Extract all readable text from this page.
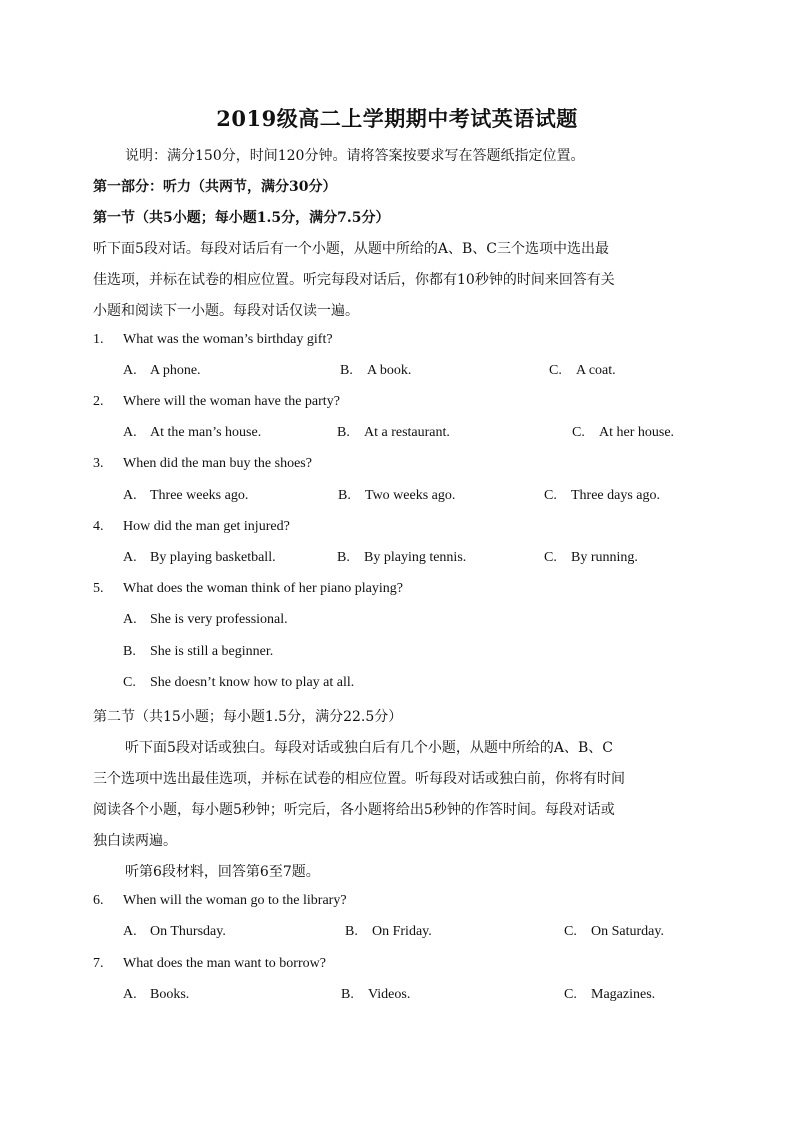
2019级高二上学期期中考试英语试题
说明：满分150分，时间120分钟。请将答案按要求写在答题纸指定位置。
第一部分：听力（共两节，满分30分）
第一节（共5小题；每小题1.5分，满分7.5分）
听下面5段对话。每段对话后有一个小题，从题中所给的A、B、C三个选项中选出最
佳选项，并标在试卷的相应位置。听完每段对话后，你都有10秒钟的时间来回答有关
小题和阅读下一小题。每段对话仅读一遍。
1.	What was the woman’s birthday gift?
A. A phone.	B. A book.	C. A coat.
2.	Where will the woman have the party?
A. At the man’s house.	B. At a restaurant.	C. At her house.
3.	When did the man buy the shoes?
A. Three weeks ago.	B. Two weeks ago.	C. Three days ago.
4.	How did the man get injured?
A. By playing basketball.	B. By playing tennis.	C. By running.
5.	What does the woman think of her piano playing?
A. She is very professional.
B. She is still a beginner.
C. She doesn’t know how to play at all.
第二节（共15小题；每小题1.5分，满分22.5分）
听下面5段对话或独白。每段对话或独白后有几个小题，从题中所给的A、B、C
三个选项中选出最佳选项，并标在试卷的相应位置。听每段对话或独白前，你将有时间
阅读各个小题，每小题5秒钟；听完后，各小题将给出5秒钟的作答时间。每段对话或
独白读两遍。
听第6段材料，回答第6至7题。
6.	When will the woman go to the library?
A. On Thursday.	B. On Friday.	C. On Saturday.
7.	What does the man want to borrow?
A. Books.	B. Videos.	C. Magazines.
